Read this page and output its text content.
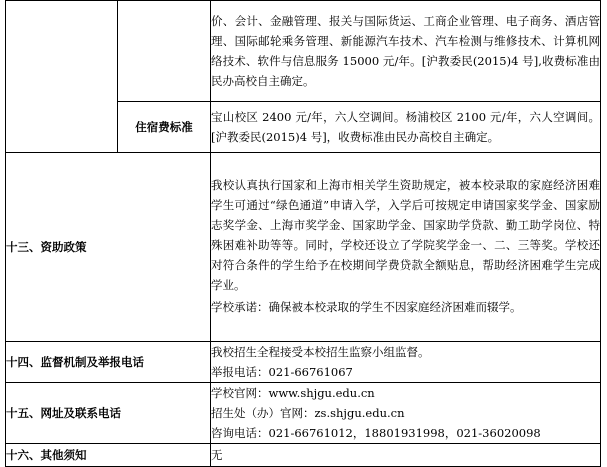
		价、会计、金融管理、报关与国际货运、工商企业管理、电子商务、酒店管理、国际邮轮乘务管理、新能源汽车技术、汽车检测与维修技术、计算机网络技术、软件与信息服务 15000 元/年。[沪教委民(2015)4 号],收费标准由民办高校自主确定。
	住宿费标准	宝山校区 2400 元/年，六人空调间。杨浦校区 2100 元/年，六人空调间。[沪教委民(2015)4 号]，收费标准由民办高校自主确定。
十三、资助政策		我校认真执行国家和上海市相关学生资助规定，被本校录取的家庭经济困难学生可通过“绿色通道”申请入学，入学后可按规定申请国家奖学金、国家励志奖学金、上海市奖学金、国家助学金、国家助学贷款、勤工助学岗位、特殊困难补助等等。同时，学校还设立了学院奖学金一、二、三等奖。学校还对符合条件的学生给予在校期间学费贷款全额贴息，帮助经济困难学生完成学业。

学校承诺：确保被本校录取的学生不因家庭经济困难而辍学。

十四、监督机制及举报电话		我校招生全程接受本校招生监察小组监督。
举报电话：021-66761067

十五、网址及联系电话		学校官网：www.shjgu.edu.cn
招生处（办）官网：zs.shjgu.edu.cn
咨询电话：021-66761012，18801931998，021-36020098

十六、其他须知		无
